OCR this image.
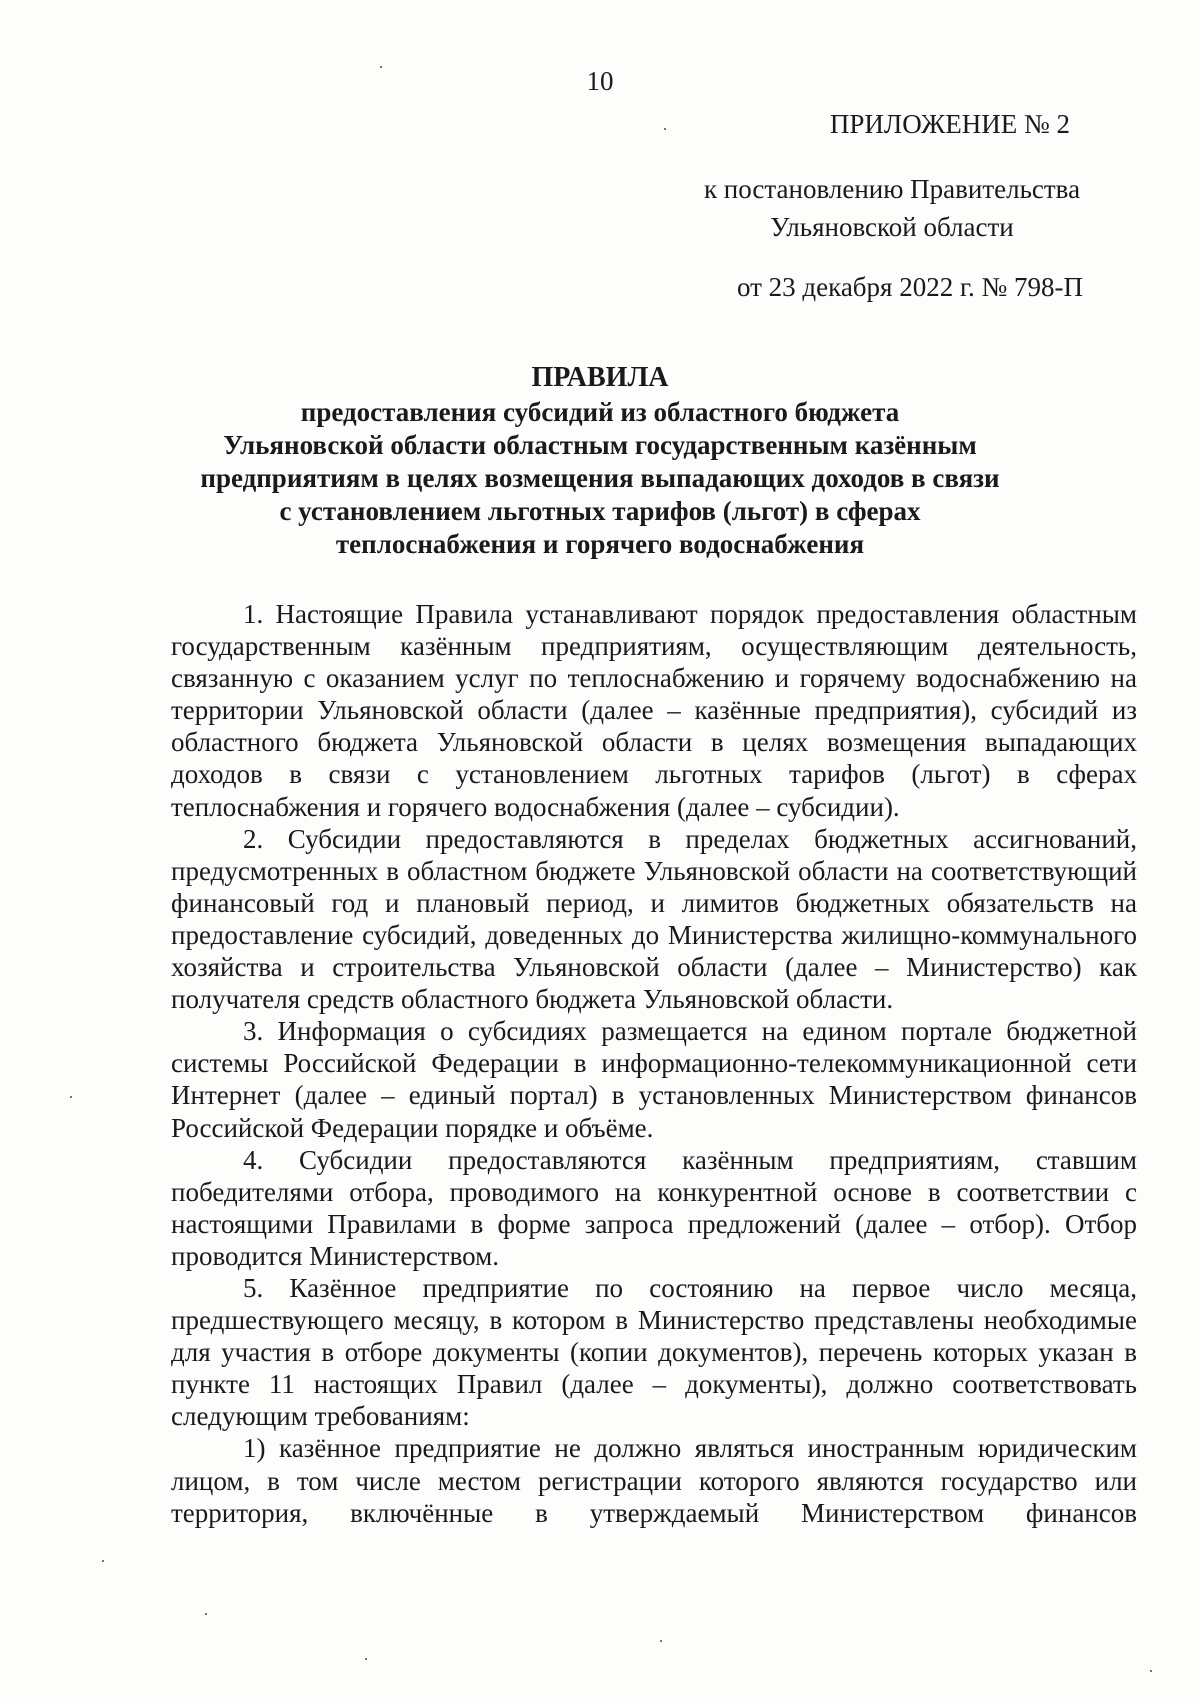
10
ПРИЛОЖЕНИЕ № 2
к постановлению Правительства
Ульяновской области
от 23 декабря 2022 г. № 798-П
ПРАВИЛА
предоставления субсидий из областного бюджета
Ульяновской области областным государственным казённым
предприятиям в целях возмещения выпадающих доходов в связи
с установлением льготных тарифов (льгот) в сферах
теплоснабжения и горячего водоснабжения

1. Настоящие Правила устанавливают порядок предоставления областным государственным казённым предприятиям, осуществляющим деятельность, связанную с оказанием услуг по теплоснабжению и горячему водоснабжению на территории Ульяновской области (далее – казённые предприятия), субсидий из областного бюджета Ульяновской области в целях возмещения выпадающих доходов в связи с установлением льготных тарифов (льгот) в сферах теплоснабжения и горячего водоснабжения (далее – субсидии).

2. Субсидии предоставляются в пределах бюджетных ассигнований, предусмотренных в областном бюджете Ульяновской области на соответствующий финансовый год и плановый период, и лимитов бюджетных обязательств на предоставление субсидий, доведенных до Министерства жилищно-коммунального хозяйства и строительства Ульяновской области (далее – Министерство) как получателя средств областного бюджета Ульяновской области.

3. Информация о субсидиях размещается на едином портале бюджетной системы Российской Федерации в информационно-телекоммуникационной сети Интернет (далее – единый портал) в установленных Министерством финансов Российской Федерации порядке и объёме.

4. Субсидии предоставляются казённым предприятиям, ставшим победителями отбора, проводимого на конкурентной основе в соответствии с настоящими Правилами в форме запроса предложений (далее – отбор). Отбор проводится Министерством.

5. Казённое предприятие по состоянию на первое число месяца, предшествующего месяцу, в котором в Министерство представлены необходимые для участия в отборе документы (копии документов), перечень которых указан в пункте 11 настоящих Правил (далее – документы), должно соответствовать следующим требованиям:

1) казённое предприятие не должно являться иностранным юридическим лицом, в том числе местом регистрации которого являются государство или территория, включённые в утверждаемый Министерством финансов
